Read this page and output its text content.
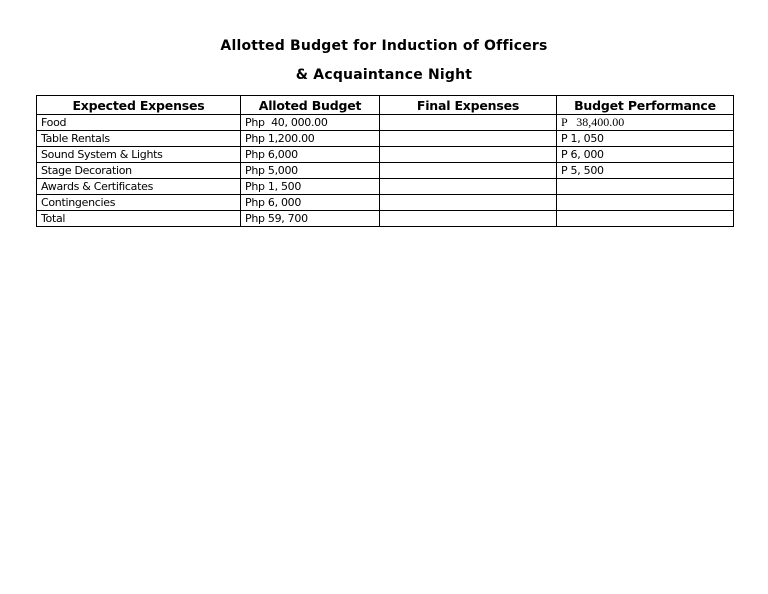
Allotted Budget for Induction of Officers

& Acquaintance Night

Expected Expenses	Alloted Budget	Final Expenses	Budget Performance
Food	Php  40, 000.00		P   38,400.00
Table Rentals	Php 1,200.00		P 1, 050
Sound System & Lights	Php 6,000		P 6, 000
Stage Decoration	Php 5,000		P 5, 500
Awards & Certificates	Php 1, 500		
Contingencies	Php 6, 000		
Total	Php 59, 700		
